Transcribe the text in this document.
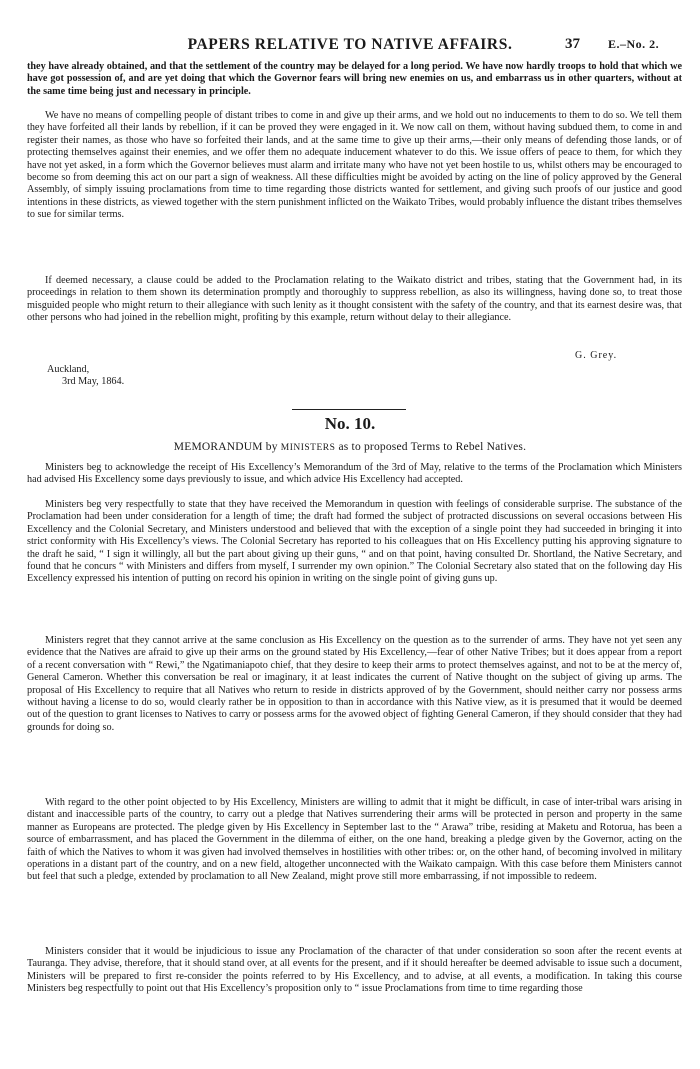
PAPERS RELATIVE TO NATIVE AFFAIRS.	37 E.–No. 2.
they have already obtained, and that the settlement of the country may be delayed for a long period. We have now hardly troops to hold that which we have got possession of, and are yet doing that which the Governor fears will bring new enemies on us, and embarrass us in other quarters, without at the same time being just and necessary in principle.
We have no means of compelling people of distant tribes to come in and give up their arms, and we hold out no inducements to them to do so. We tell them they have forfeited all their lands by rebellion, if it can be proved they were engaged in it. We now call on them, without having subdued them, to come in and register their names, as those who have so forfeited their lands, and at the same time to give up their arms,—their only means of defending those lands, or of protecting themselves against their enemies, and we offer them no adequate inducement whatever to do this. We issue offers of peace to them, for which they have not yet asked, in a form which the Governor believes must alarm and irritate many who have not yet been hostile to us, whilst others may be encouraged to become so from deeming this act on our part a sign of weakness. All these difficulties might be avoided by acting on the line of policy approved by the General Assembly, of simply issuing proclamations from time to time regarding those districts wanted for settlement, and giving such proofs of our justice and good intentions in these districts, as viewed together with the stern punishment inflicted on the Waikato Tribes, would probably influence the distant tribes themselves to sue for similar terms.
If deemed necessary, a clause could be added to the Proclamation relating to the Waikato district and tribes, stating that the Government had, in its proceedings in relation to them shown its determination promptly and thoroughly to suppress rebellion, as also its willingness, having done so, to treat those misguided people who might return to their allegiance with such lenity as it thought consistent with the safety of the country, and that its earnest desire was, that other persons who had joined in the rebellion might, profiting by this example, return without delay to their allegiance.
G. Grey.
Auckland,
3rd May, 1864.
No. 10.
MEMORANDUM by MINISTERS as to proposed Terms to Rebel Natives.
Ministers beg to acknowledge the receipt of His Excellency’s Memorandum of the 3rd of May, relative to the terms of the Proclamation which Ministers had advised His Excellency some days previously to issue, and which advice His Excellency had accepted.
Ministers beg very respectfully to state that they have received the Memorandum in question with feelings of considerable surprise. The substance of the Proclamation had been under consideration for a length of time; the draft had formed the subject of protracted discussions on several occasions between His Excellency and the Colonial Secretary, and Ministers understood and believed that with the exception of a single point they had succeeded in bringing it into strict conformity with His Excellency’s views. The Colonial Secretary has reported to his colleagues that on His Excellency putting his approving signature to the draft he said, “ I sign it willingly, all but the part about giving up their guns, “ and on that point, having consulted Dr. Shortland, the Native Secretary, and found that he concurs “ with Ministers and differs from myself, I surrender my own opinion.” The Colonial Secretary also stated that on the following day His Excellency expressed his intention of putting on record his opinion in writing on the single point of giving guns up.
Ministers regret that they cannot arrive at the same conclusion as His Excellency on the question as to the surrender of arms. They have not yet seen any evidence that the Natives are afraid to give up their arms on the ground stated by His Excellency,—fear of other Native Tribes; but it does appear from a report of a recent conversation with “ Rewi,” the Ngatimaniapoto chief, that they desire to keep their arms to protect themselves against, and not to be at the mercy of, General Cameron. Whether this conversation be real or imaginary, it at least indicates the current of Native thought on the subject of giving up arms. The proposal of His Excellency to require that all Natives who return to reside in districts approved of by the Government, should neither carry nor possess arms without having a license to do so, would clearly rather be in opposition to than in accordance with this Native view, as it is presumed that it would be deemed out of the question to grant licenses to Natives to carry or possess arms for the avowed object of fighting General Cameron, if they should consider that they had grounds for doing so.
With regard to the other point objected to by His Excellency, Ministers are willing to admit that it might be difficult, in case of inter-tribal wars arising in distant and inaccessible parts of the country, to carry out a pledge that Natives surrendering their arms will be protected in person and property in the same manner as Europeans are protected. The pledge given by His Excellency in September last to the “ Arawa” tribe, residing at Maketu and Rotorua, has been a source of embarrassment, and has placed the Government in the dilemma of either, on the one hand, breaking a pledge given by the Governor, acting on the faith of which the Natives to whom it was given had involved themselves in hostilities with other tribes: or, on the other hand, of becoming involved in military operations in a distant part of the country, and on a new field, altogether unconnected with the Waikato campaign. With this case before them Ministers cannot but feel that such a pledge, extended by proclamation to all New Zealand, might prove still more embarrassing, if not impossible to redeem.
Ministers consider that it would be injudicious to issue any Proclamation of the character of that under consideration so soon after the recent events at Tauranga. They advise, therefore, that it should stand over, at all events for the present, and if it should hereafter be deemed advisable to issue such a document, Ministers will be prepared to first re-consider the points referred to by His Excellency, and to advise, at all events, a modification. In taking this course Ministers beg respectfully to point out that His Excellency’s proposition only to “ issue Proclamations from time to time regarding those
